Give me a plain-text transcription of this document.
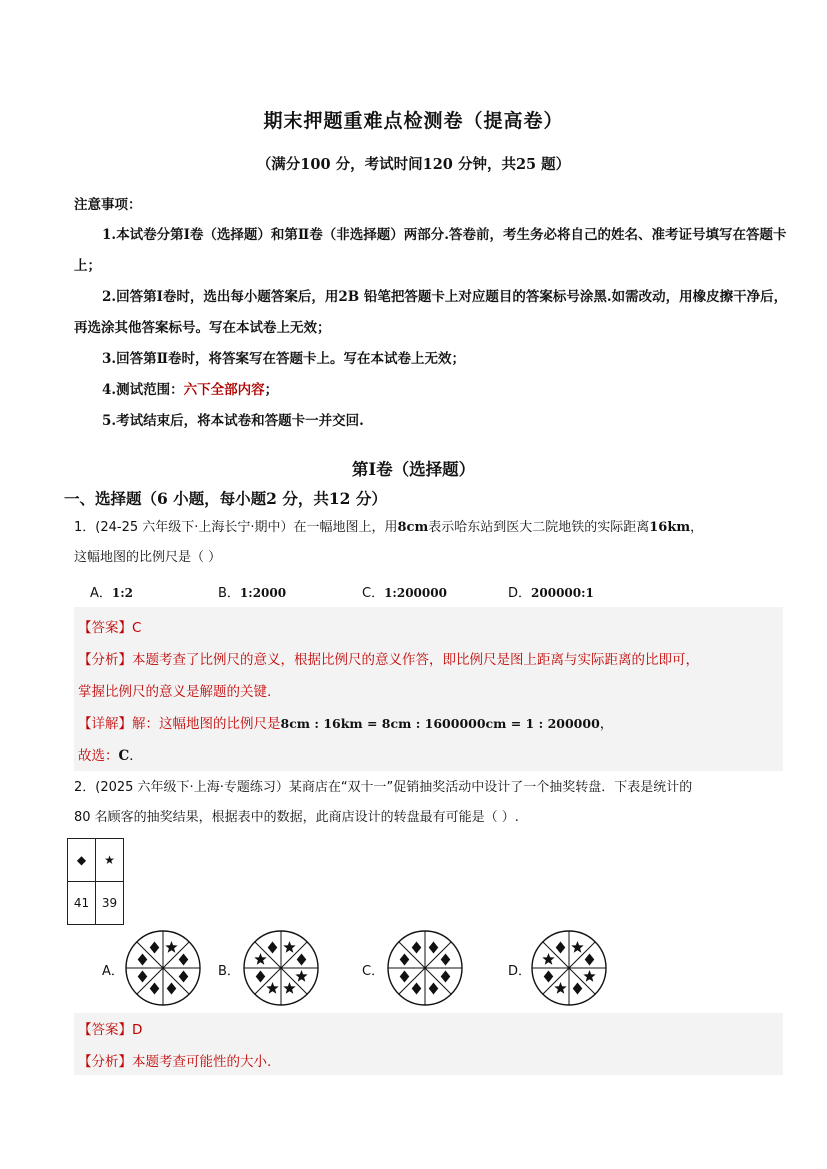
期末押题重难点检测卷（提高卷）
（满分100 分，考试时间120 分钟，共25 题）
注意事项：

1.本试卷分第Ⅰ卷（选择题）和第Ⅱ卷（非选择题）两部分.答卷前，考生务必将自己的姓名、准考证号填写在答题卡上；

2.回答第Ⅰ卷时，选出每小题答案后，用2B 铅笔把答题卡上对应题目的答案标号涂黑.如需改动，用橡皮擦干净后，再选涂其他答案标号。写在本试卷上无效；

3.回答第Ⅱ卷时，将答案写在答题卡上。写在本试卷上无效；

4.测试范围：六下全部内容；

5.考试结束后，将本试卷和答题卡一并交回.

第Ⅰ卷（选择题）
一、选择题（6 小题，每小题2 分，共12 分）
1．(24-25 六年级下·上海长宁·期中）在一幅地图上，用8cm表示哈东站到医大二院地铁的实际距离16km，
这幅地图的比例尺是（ ）
A．1:2	B．1:2000	C．1:200000	D．200000:1
【答案】C
【分析】本题考查了比例尺的意义，根据比例尺的意义作答，即比例尺是图上距离与实际距离的比即可，
掌握比例尺的意义是解题的关键.
【详解】解：这幅地图的比例尺是8cm : 16km = 8cm : 1600000cm = 1 : 200000，
故选：C．
2．(2025 六年级下·上海·专题练习）某商店在“双十一”促销抽奖活动中设计了一个抽奖转盘．下表是统计的
80 名顾客的抽奖结果，根据表中的数据，此商店设计的转盘最有可能是（ ）.
◆	★
41	39
A．	B．	C．	D．
【答案】D
【分析】本题考查可能性的大小.
